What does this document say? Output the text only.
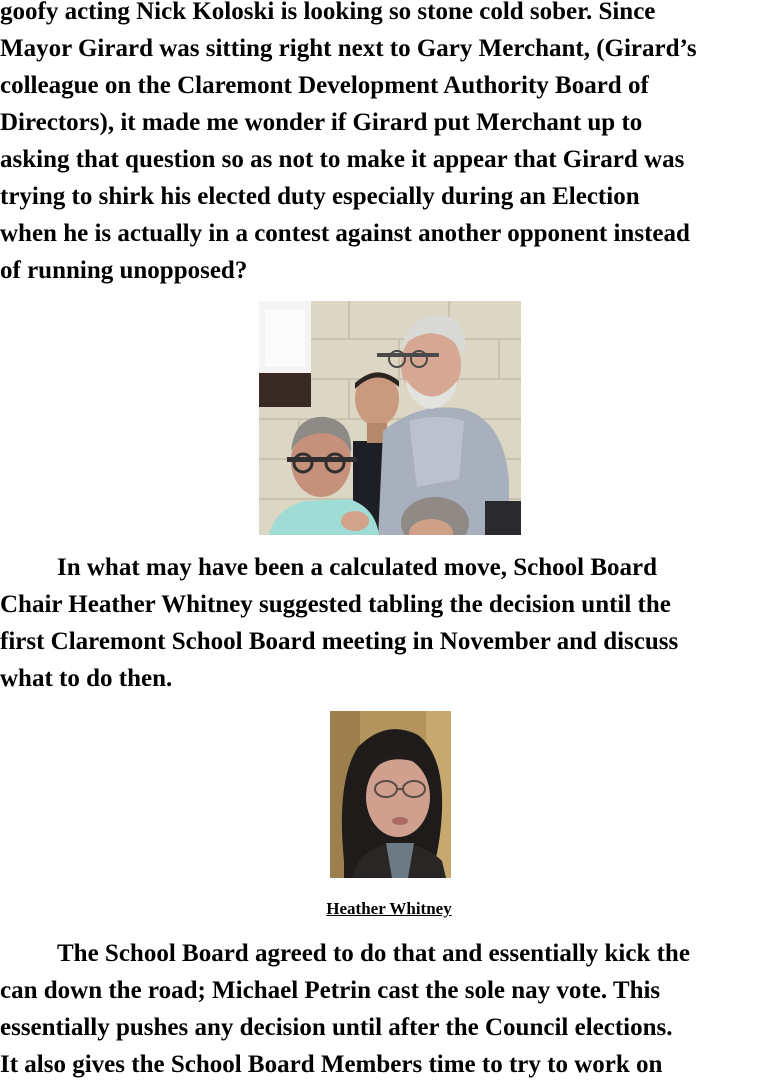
goofy acting Nick Koloski is looking so stone cold sober. Since
Mayor Girard was sitting right next to Gary Merchant, (Girard’s
colleague on the Claremont Development Authority Board of
Directors), it made me wonder if Girard put Merchant up to
asking that question so as not to make it appear that Girard was
trying to shirk his elected duty especially during an Election
when he is actually in a contest against another opponent instead
of running unopposed?

In what may have been a calculated move, School Board
Chair Heather Whitney suggested tabling the decision until the
first Claremont School Board meeting in November and discuss
what to do then.

Heather Whitney

The School Board agreed to do that and essentially kick the
can down the road; Michael Petrin cast the sole nay vote. This
essentially pushes any decision until after the Council elections.
It also gives the School Board Members time to try to work on
